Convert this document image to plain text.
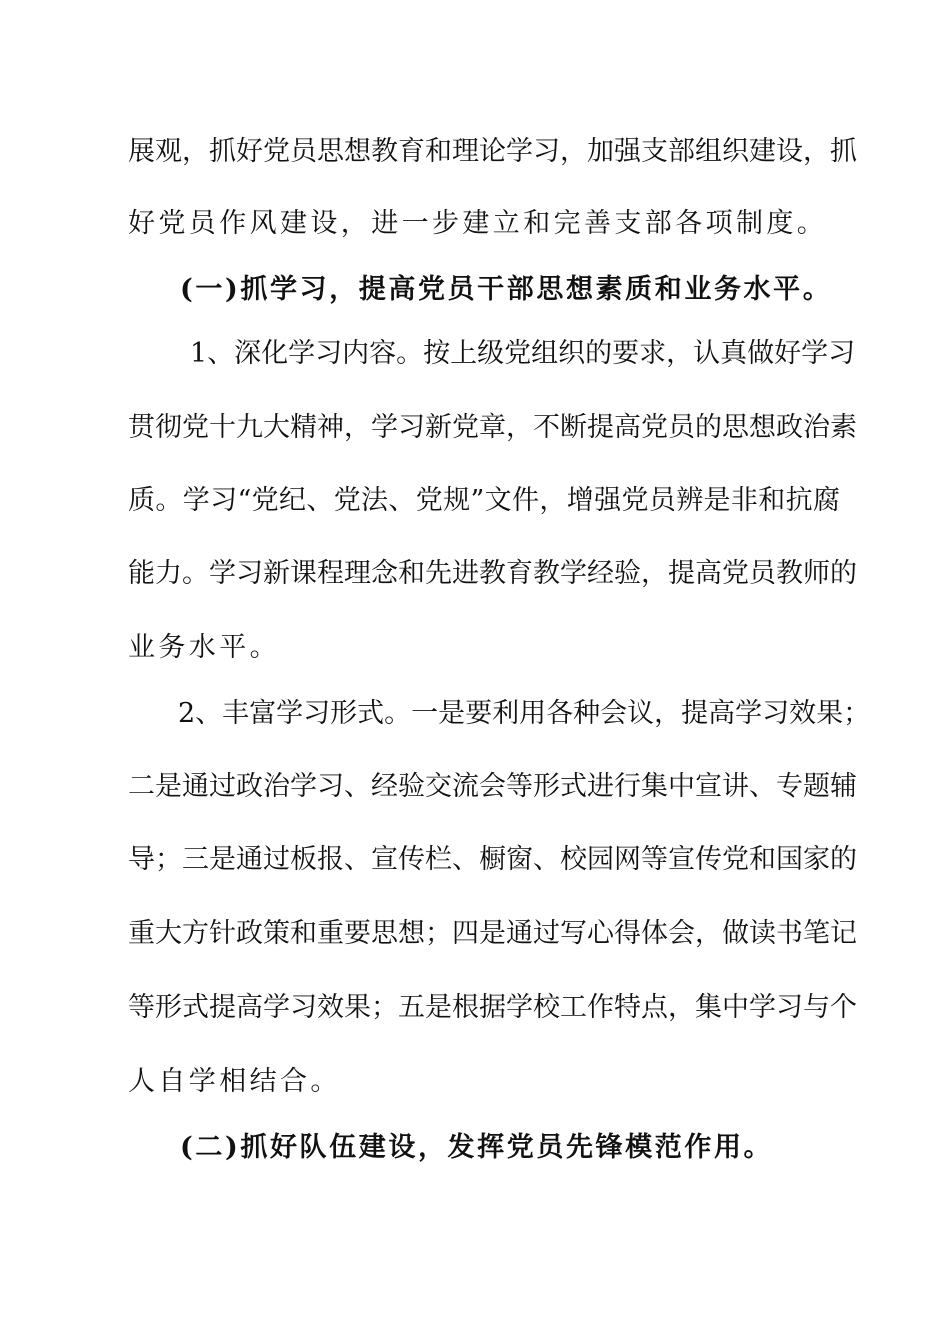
展观，抓好党员思想教育和理论学习，加强支部组织建设，抓
好党员作风建设，进一步建立和完善支部各项制度。
(一)抓学习，提高党员干部思想素质和业务水平。
1、深化学习内容。按上级党组织的要求，认真做好学习
贯彻党十九大精神，学习新党章，不断提高党员的思想政治素
质。学习“党纪、党法、党规”文件，增强党员辨是非和抗腐
能力。学习新课程理念和先进教育教学经验，提高党员教师的
业务水平。
2、丰富学习形式。一是要利用各种会议，提高学习效果；
二是通过政治学习、经验交流会等形式进行集中宣讲、专题辅
导；三是通过板报、宣传栏、橱窗、校园网等宣传党和国家的
重大方针政策和重要思想；四是通过写心得体会，做读书笔记
等形式提高学习效果；五是根据学校工作特点，集中学习与个
人自学相结合。
(二)抓好队伍建设，发挥党员先锋模范作用。
